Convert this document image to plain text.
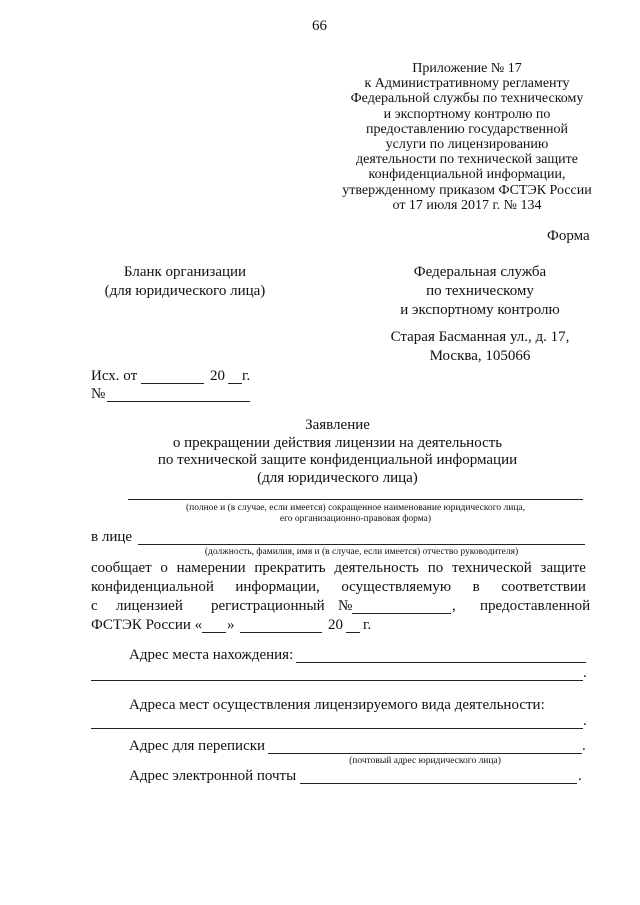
66
Приложение № 17
к Административному регламенту
Федеральной службы по техническому
и экспортному контролю по
предоставлению государственной
услуги по лицензированию
деятельности по технической защите
конфиденциальной информации,
утвержденному приказом ФСТЭК России
от 17 июля 2017 г. № 134
Форма
Бланк организации
(для юридического лица)
Федеральная служба
по техническому
и экспортному контролю
Старая Басманная ул., д. 17,
Москва, 105066
Исх. от	20 г.
№
Заявление
о прекращении действия лицензии на деятельность
по технической защите конфиденциальной информации
(для юридического лица)
(полное и (в случае, если имеется) сокращенное наименование юридического лица,
его организационно-правовая форма)
в лице
(должность, фамилия, имя и (в случае, если имеется) отчество руководителя)
сообщает о намерении прекратить деятельность по технической защите
конфиденциальной информации, осуществляемую в соответствии
с лицензией регистрационный №	, предоставленной
ФСТЭК России « »	20 г.
Адрес места нахождения:
.
Адреса мест осуществления лицензируемого вида деятельности:
.
Адрес для переписки	.
(почтовый адрес юридического лица)
Адрес электронной почты	.
